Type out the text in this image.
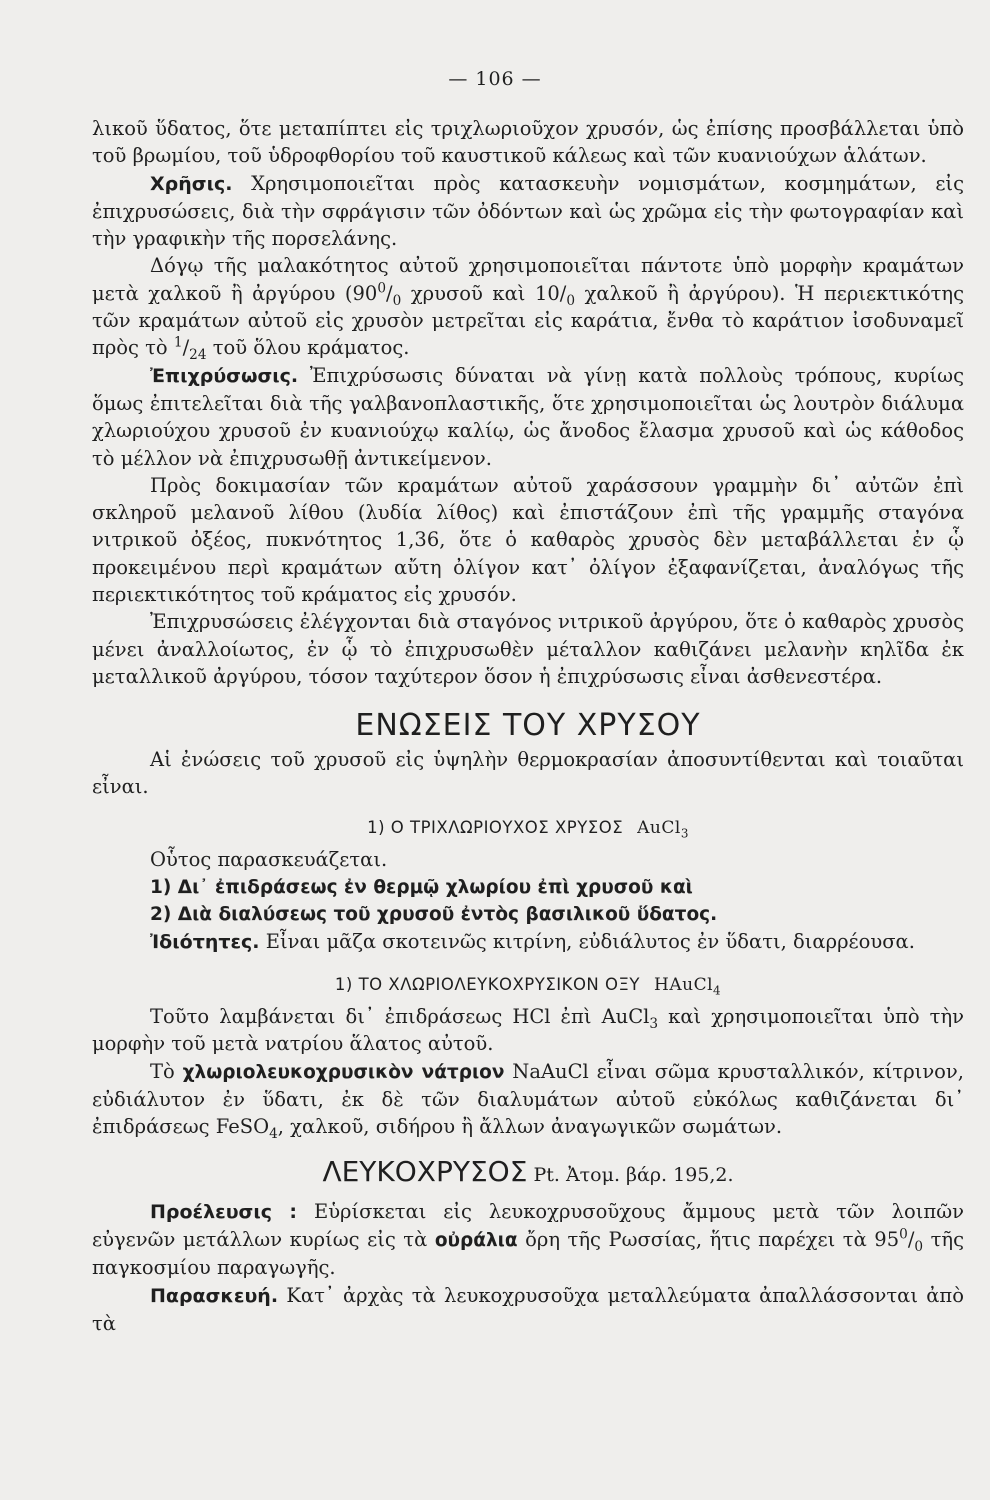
— 106 —

λικοῦ ὕδατος, ὅτε μεταπίπτει εἰς τριχλωριοῦχον χρυσόν, ὡς ἐπίσης προσβάλλεται ὑπὸ τοῦ βρωμίου, τοῦ ὑδροφθορίου τοῦ καυστικοῦ κάλεως καὶ τῶν κυανιούχων ἁλάτων.

Χρῆσις. Χρησιμοποιεῖται πρὸς κατασκευὴν νομισμάτων, κοσμημάτων, εἰς ἐπιχρυσώσεις, διὰ τὴν σφράγισιν τῶν ὀδόντων καὶ ὡς χρῶμα εἰς τὴν φωτογραφίαν καὶ τὴν γραφικὴν τῆς πορσελάνης.

Δόγῳ τῆς μαλακότητος αὐτοῦ χρησιμοποιεῖται πάντοτε ὑπὸ μορφὴν κραμάτων μετὰ χαλκοῦ ἢ ἀργύρου ($90^0/_0$ χρυσοῦ καὶ $10/_0$ χαλκοῦ ἢ ἀργύρου). Ἡ περιεκτικότης τῶν κραμάτων αὐτοῦ εἰς χρυσὸν μετρεῖται εἰς καράτια, ἔνθα τὸ καράτιον ἰσοδυναμεῖ πρὸς τὸ $^1/_{24}$ τοῦ ὅλου κράματος.

Ἐπιχρύσωσις. Ἐπιχρύσωσις δύναται νὰ γίνῃ κατὰ πολλοὺς τρόπους, κυρίως ὅμως ἐπιτελεῖται διὰ τῆς γαλβανοπλαστικῆς, ὅτε χρησιμοποιεῖται ὡς λουτρὸν διάλυμα χλωριούχου χρυσοῦ ἐν κυανιούχῳ καλίῳ, ὡς ἄνοδος ἔλασμα χρυσοῦ καὶ ὡς κάθοδος τὸ μέλλον νὰ ἐπιχρυσωθῇ ἀντικείμενον.

Πρὸς δοκιμασίαν τῶν κραμάτων αὐτοῦ χαράσσουν γραμμὴν δι᾽ αὐτῶν ἐπὶ σκληροῦ μελανοῦ λίθου (λυδία λίθος) καὶ ἐπιστάζουν ἐπὶ τῆς γραμμῆς σταγόνα νιτρικοῦ ὀξέος, πυκνότητος 1,36, ὅτε ὁ καθαρὸς χρυσὸς δὲν μεταβάλλεται ἐν ᾧ προκειμένου περὶ κραμάτων αὔτη ὀλίγον κατ᾽ ὀλίγον ἐξαφανίζεται, ἀναλόγως τῆς περιεκτικότητος τοῦ κράματος εἰς χρυσόν.

Ἐπιχρυσώσεις ἐλέγχονται διὰ σταγόνος νιτρικοῦ ἀργύρου, ὅτε ὁ καθαρὸς χρυσὸς μένει ἀναλλοίωτος, ἐν ᾧ τὸ ἐπιχρυσωθὲν μέταλλον καθιζάνει μελανὴν κηλῖδα ἐκ μεταλλικοῦ ἀργύρου, τόσον ταχύτερον ὅσον ἡ ἐπιχρύσωσις εἶναι ἀσθενεστέρα.

ΕΝΩΣΕΙΣ ΤΟΥ ΧΡΥΣΟΥ

Αἱ ἐνώσεις τοῦ χρυσοῦ εἰς ὑψηλὴν θερμοκρασίαν ἀποσυντίθενται καὶ τοιαῦται εἶναι.

1) Ο ΤΡΙΧΛΩΡΙΟΥΧΟΣ ΧΡΥΣΟΣ AuCl$_3$

Οὗτος παρασκευάζεται.

1) Δι᾽ ἐπιδράσεως ἐν θερμῷ χλωρίου ἐπὶ χρυσοῦ καὶ
2) Διὰ διαλύσεως τοῦ χρυσοῦ ἐντὸς βασιλικοῦ ὕδατος.

Ἰδιότητες. Εἶναι μᾶζα σκοτεινῶς κιτρίνη, εὐδιάλυτος ἐν ὕδατι, διαρρέουσα.

1) ΤΟ ΧΛΩΡΙΟΛΕΥΚΟΧΡΥΣΙΚΟΝ ΟΞΥ HAuCl$_4$

Τοῦτο λαμβάνεται δι᾽ ἐπιδράσεως HCl ἐπὶ AuCl$_3$ καὶ χρησιμοποιεῖται ὑπὸ τὴν μορφὴν τοῦ μετὰ νατρίου ἅλατος αὐτοῦ.

Τὸ χλωριολευκοχρυσικὸν νάτριον NaAuCl εἶναι σῶμα κρυσταλλικόν, κίτρινον, εὐδιάλυτον ἐν ὕδατι, ἐκ δὲ τῶν διαλυμάτων αὐτοῦ εὐκόλως καθιζάνεται δι᾽ ἐπιδράσεως FeSO$_4$, χαλκοῦ, σιδήρου ἢ ἄλλων ἀναγωγικῶν σωμάτων.

ΛΕΥΚΟΧΡΥΣΟΣ Pt. Ἀτομ. βάρ. 195,2.

Προέλευσις : Εὑρίσκεται εἰς λευκοχρυσοῦχους ἄμμους μετὰ τῶν λοιπῶν εὐγενῶν μετάλλων κυρίως εἰς τὰ οὐράλια ὄρη τῆς Ρωσσίας, ἥτις παρέχει τὰ $95^0/_0$ τῆς παγκοσμίου παραγωγῆς.

Παρασκευή. Κατ᾽ ἀρχὰς τὰ λευκοχρυσοῦχα μεταλλεύματα ἀπαλλάσσονται ἀπὸ τὰ
